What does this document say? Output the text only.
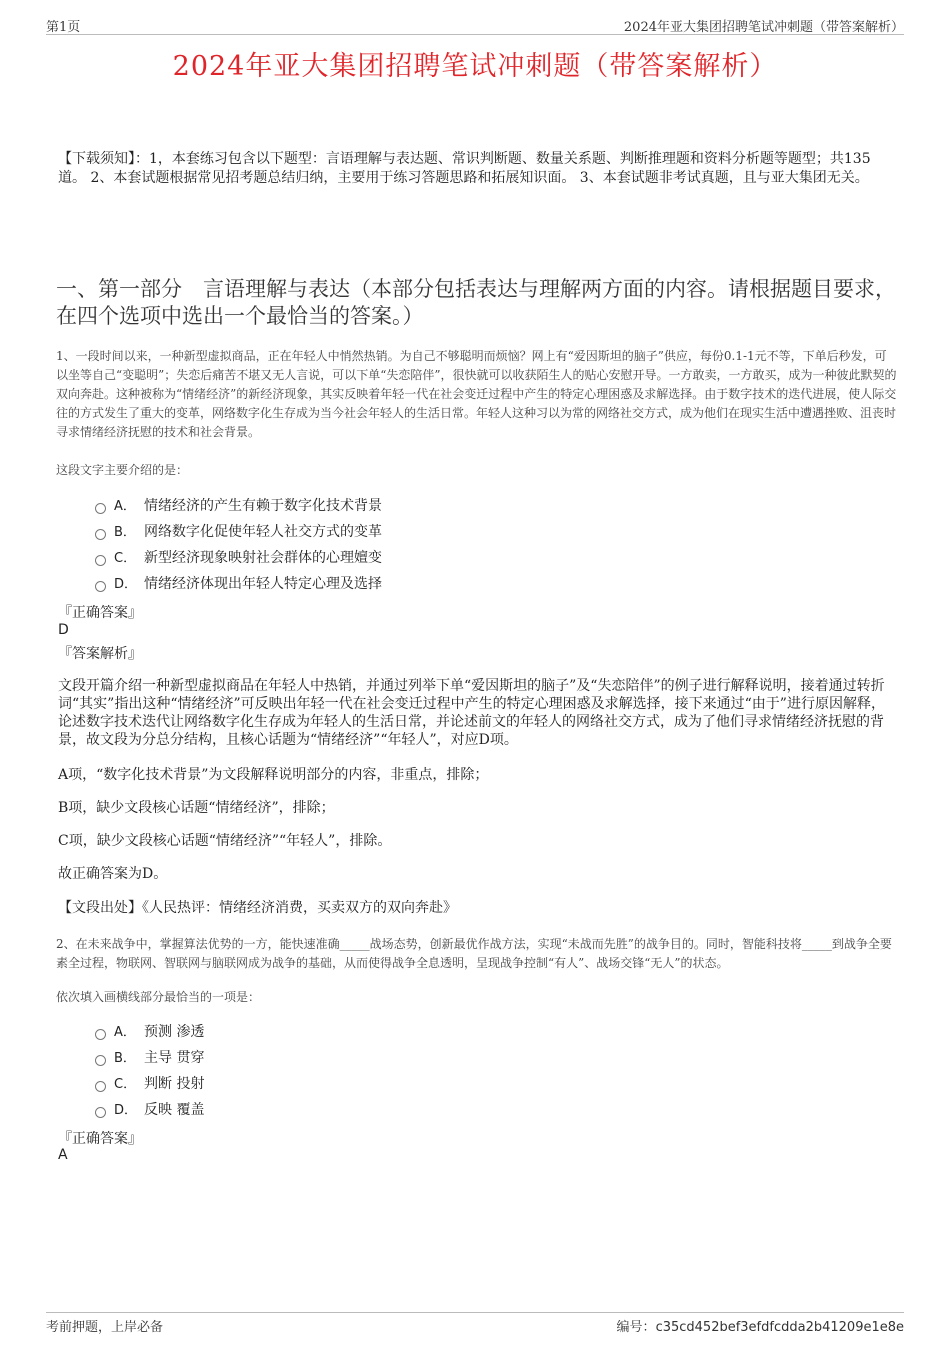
第1页	2024年亚大集团招聘笔试冲刺题（带答案解析）
2024年亚大集团招聘笔试冲刺题（带答案解析）
【下载须知】：1，本套练习包含以下题型：言语理解与表达题、常识判断题、数量关系题、判断推理题和资料分析题等题型；共135道。 2、本套试题根据常见招考题总结归纳，主要用于练习答题思路和拓展知识面。 3、本套试题非考试真题，且与亚大集团无关。
一、第一部分　言语理解与表达（本部分包括表达与理解两方面的内容。请根据题目要求，在四个选项中选出一个最恰当的答案。）
1、一段时间以来，一种新型虚拟商品，正在年轻人中悄然热销。为自己不够聪明而烦恼？网上有“爱因斯坦的脑子”供应，每份0.1-1元不等，下单后秒发，可以坐等自己“变聪明”；失恋后痛苦不堪又无人言说，可以下单“失恋陪伴”，很快就可以收获陌生人的贴心安慰开导。一方敢卖，一方敢买，成为一种彼此默契的双向奔赴。这种被称为“情绪经济”的新经济现象，其实反映着年轻一代在社会变迁过程中产生的特定心理困惑及求解选择。由于数字技术的迭代进展，使人际交往的方式发生了重大的变革，网络数字化生存成为当今社会年轻人的生活日常。年轻人这种习以为常的网络社交方式，成为他们在现实生活中遭遇挫败、沮丧时寻求情绪经济抚慰的技术和社会背景。
这段文字主要介绍的是：
A． 情绪经济的产生有赖于数字化技术背景
B． 网络数字化促使年轻人社交方式的变革
C． 新型经济现象映射社会群体的心理嬗变
D． 情绪经济体现出年轻人特定心理及选择
『正确答案』
D
『答案解析』
文段开篇介绍一种新型虚拟商品在年轻人中热销，并通过列举下单“爱因斯坦的脑子”及“失恋陪伴”的例子进行解释说明，接着通过转折词“其实”指出这种“情绪经济”可反映出年轻一代在社会变迁过程中产生的特定心理困惑及求解选择，接下来通过“由于”进行原因解释，论述数字技术迭代让网络数字化生存成为年轻人的生活日常，并论述前文的年轻人的网络社交方式，成为了他们寻求情绪经济抚慰的背景，故文段为分总分结构，且核心话题为“情绪经济”“年轻人”，对应D项。
A项，“数字化技术背景”为文段解释说明部分的内容，非重点，排除；
B项，缺少文段核心话题“情绪经济”，排除；
C项，缺少文段核心话题“情绪经济”“年轻人”，排除。
故正确答案为D。
【文段出处】《人民热评：情绪经济消费，买卖双方的双向奔赴》
2、在未来战争中，掌握算法优势的一方，能快速准确_____战场态势，创新最优作战方法，实现“未战而先胜”的战争目的。同时，智能科技将_____到战争全要素全过程，物联网、智联网与脑联网成为战争的基础，从而使得战争全息透明，呈现战争控制“有人”、战场交锋“无人”的状态。
依次填入画横线部分最恰当的一项是：
A． 预测 渗透
B． 主导 贯穿
C． 判断 投射
D． 反映 覆盖
『正确答案』
A
考前押题，上岸必备	编号：c35cd452bef3efdfcdda2b41209e1e8e
